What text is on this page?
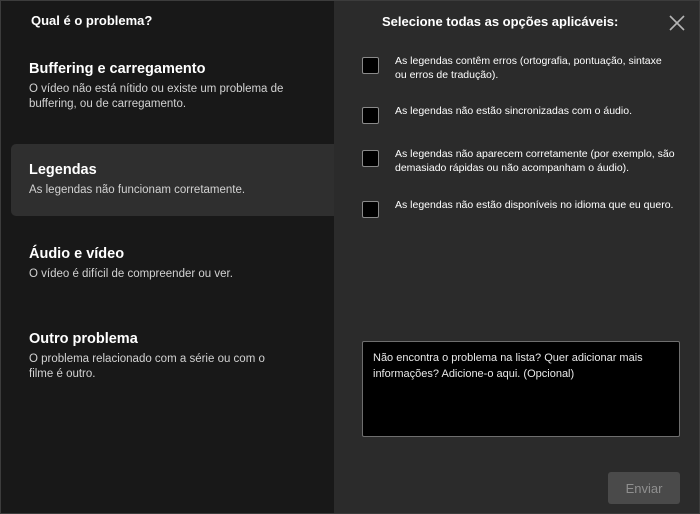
Qual é o problema?
Buffering e carregamento
O vídeo não está nítido ou existe um problema de buffering, ou de carregamento.
Legendas
As legendas não funcionam corretamente.
Áudio e vídeo
O vídeo é difícil de compreender ou ver.
Outro problema
O problema relacionado com a série ou com o filme é outro.
Selecione todas as opções aplicáveis:
As legendas contêm erros (ortografia, pontuação, sintaxe ou erros de tradução).
As legendas não estão sincronizadas com o áudio.
As legendas não aparecem corretamente (por exemplo, são demasiado rápidas ou não acompanham o áudio).
As legendas não estão disponíveis no idioma que eu quero.
Não encontra o problema na lista? Quer adicionar mais informações? Adicione-o aqui. (Opcional)
Enviar
